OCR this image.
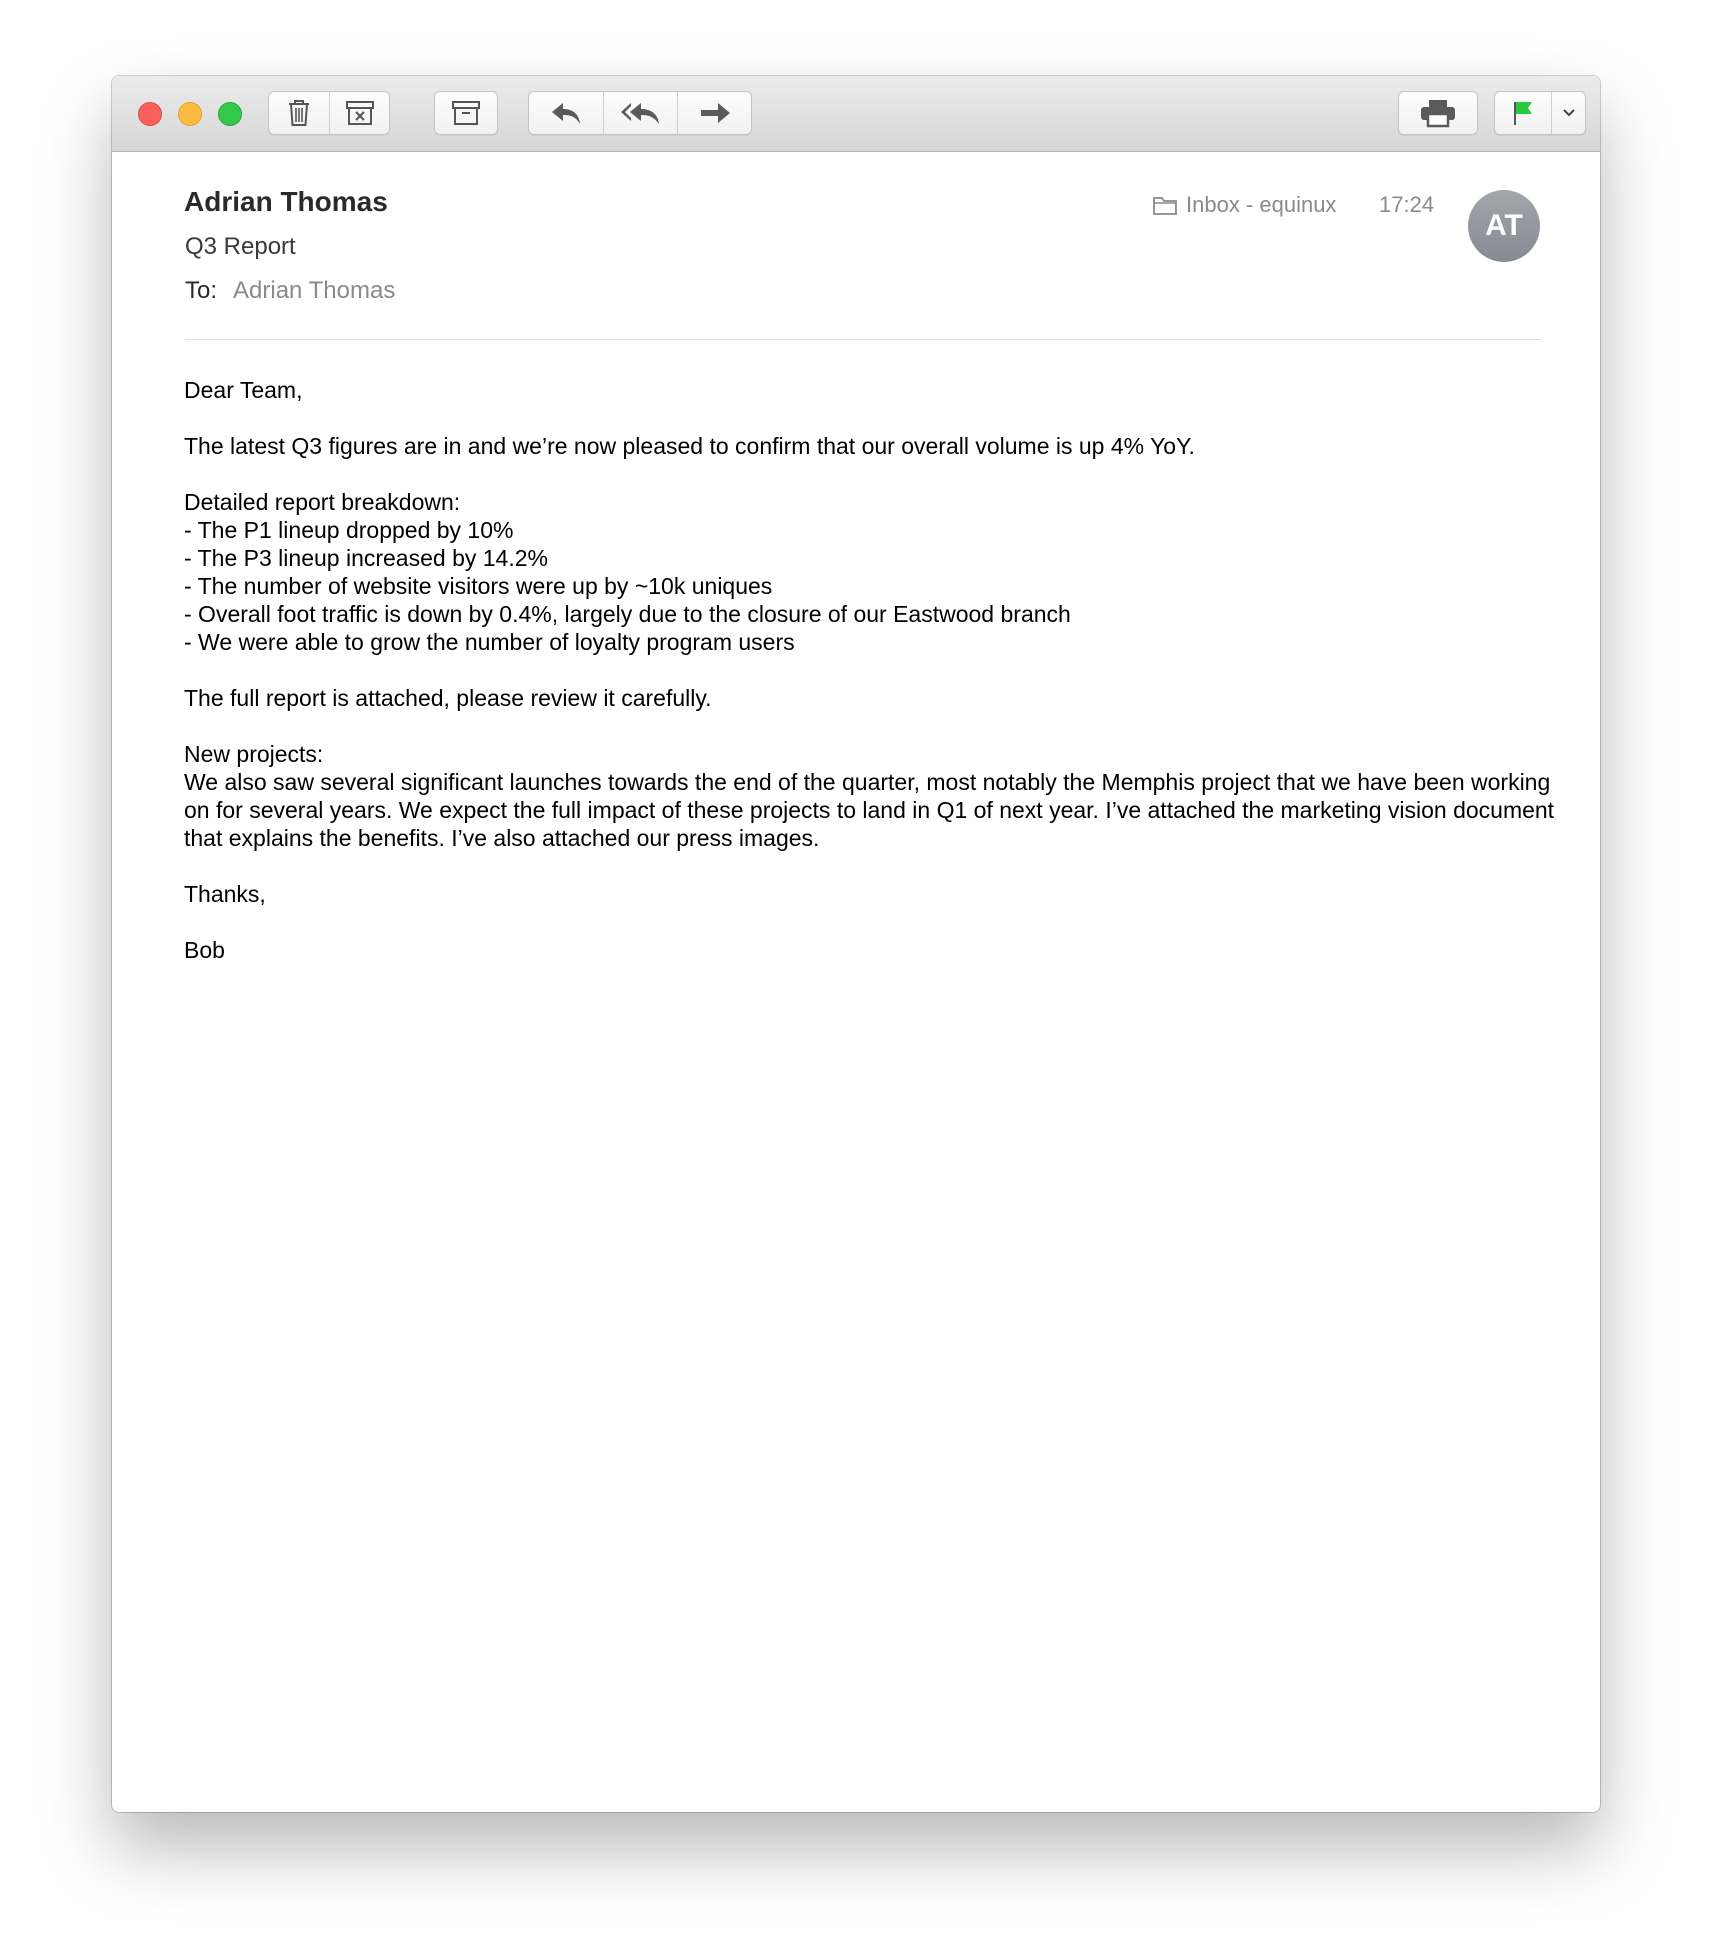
Adrian Thomas
Q3 Report
To: Adrian Thomas
Inbox - equinux 17:24
AT

Dear Team,

The latest Q3 figures are in and we’re now pleased to confirm that our overall volume is up 4% YoY.

Detailed report breakdown:
- The P1 lineup dropped by 10%
- The P3 lineup increased by 14.2%
- The number of website visitors were up by ~10k uniques
- Overall foot traffic is down by 0.4%, largely due to the closure of our Eastwood branch
- We were able to grow the number of loyalty program users

The full report is attached, please review it carefully.

New projects:
We also saw several significant launches towards the end of the quarter, most notably the Memphis project that we have been working on for several years. We expect the full impact of these projects to land in Q1 of next year. I’ve attached the marketing vision document that explains the benefits. I’ve also attached our press images.

Thanks,

Bob
